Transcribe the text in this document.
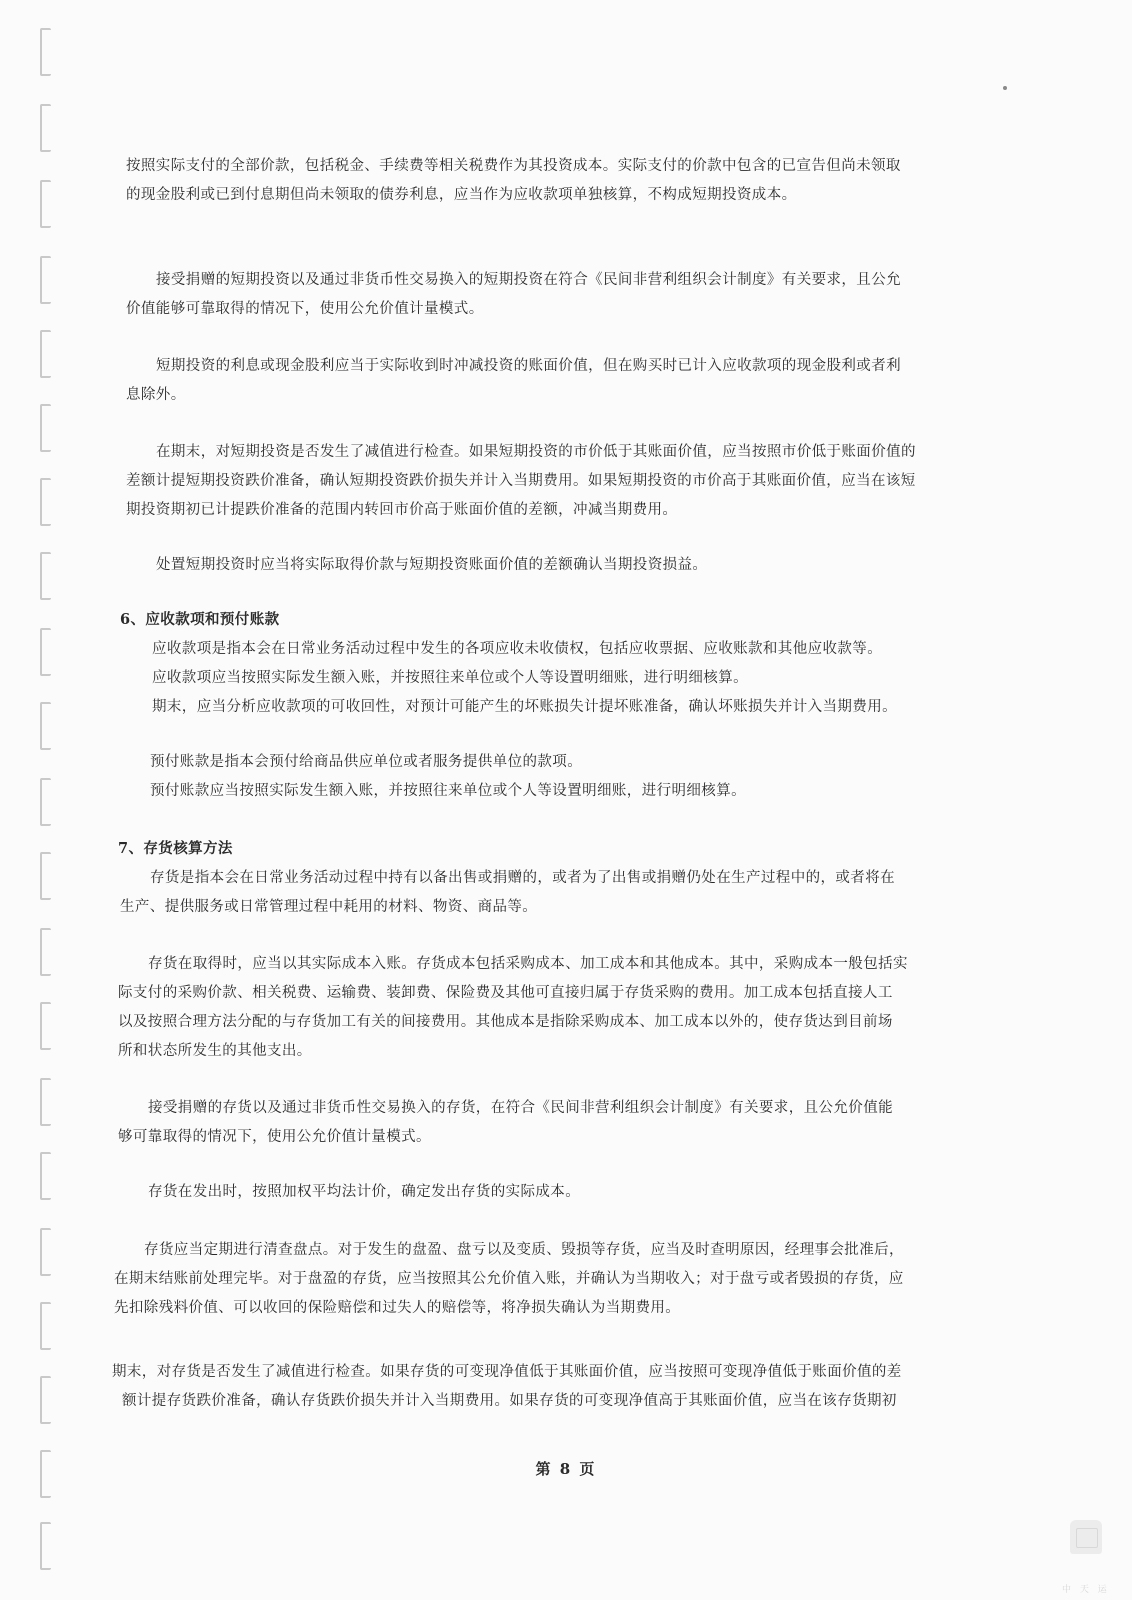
按照实际支付的全部价款，包括税金、手续费等相关税费作为其投资成本。实际支付的价款中包含的已宣告但尚未领取
的现金股利或已到付息期但尚未领取的债券利息，应当作为应收款项单独核算，不构成短期投资成本。

接受捐赠的短期投资以及通过非货币性交易换入的短期投资在符合《民间非营利组织会计制度》有关要求，且公允
价值能够可靠取得的情况下，使用公允价值计量模式。

短期投资的利息或现金股利应当于实际收到时冲减投资的账面价值，但在购买时已计入应收款项的现金股利或者利
息除外。

在期末，对短期投资是否发生了减值进行检查。如果短期投资的市价低于其账面价值，应当按照市价低于账面价值的
差额计提短期投资跌价准备，确认短期投资跌价损失并计入当期费用。如果短期投资的市价高于其账面价值，应当在该短
期投资期初已计提跌价准备的范围内转回市价高于账面价值的差额，冲减当期费用。

处置短期投资时应当将实际取得价款与短期投资账面价值的差额确认当期投资损益。

6、应收款项和预付账款

应收款项是指本会在日常业务活动过程中发生的各项应收未收债权，包括应收票据、应收账款和其他应收款等。
应收款项应当按照实际发生额入账，并按照往来单位或个人等设置明细账，进行明细核算。
期末，应当分析应收款项的可收回性，对预计可能产生的坏账损失计提坏账准备，确认坏账损失并计入当期费用。

预付账款是指本会预付给商品供应单位或者服务提供单位的款项。
预付账款应当按照实际发生额入账，并按照往来单位或个人等设置明细账，进行明细核算。

7、存货核算方法

存货是指本会在日常业务活动过程中持有以备出售或捐赠的，或者为了出售或捐赠仍处在生产过程中的，或者将在
生产、提供服务或日常管理过程中耗用的材料、物资、商品等。

存货在取得时，应当以其实际成本入账。存货成本包括采购成本、加工成本和其他成本。其中，采购成本一般包括实
际支付的采购价款、相关税费、运输费、装卸费、保险费及其他可直接归属于存货采购的费用。加工成本包括直接人工
以及按照合理方法分配的与存货加工有关的间接费用。其他成本是指除采购成本、加工成本以外的，使存货达到目前场
所和状态所发生的其他支出。

接受捐赠的存货以及通过非货币性交易换入的存货，在符合《民间非营利组织会计制度》有关要求，且公允价值能
够可靠取得的情况下，使用公允价值计量模式。

存货在发出时，按照加权平均法计价，确定发出存货的实际成本。

存货应当定期进行清查盘点。对于发生的盘盈、盘亏以及变质、毁损等存货，应当及时查明原因，经理事会批准后，
在期末结账前处理完毕。对于盘盈的存货，应当按照其公允价值入账，并确认为当期收入；对于盘亏或者毁损的存货，应
先扣除残料价值、可以收回的保险赔偿和过失人的赔偿等，将净损失确认为当期费用。

期末，对存货是否发生了减值进行检查。如果存货的可变现净值低于其账面价值，应当按照可变现净值低于账面价值的差
额计提存货跌价准备，确认存货跌价损失并计入当期费用。如果存货的可变现净值高于其账面价值，应当在该存货期初

第 8 页
中 天 运
